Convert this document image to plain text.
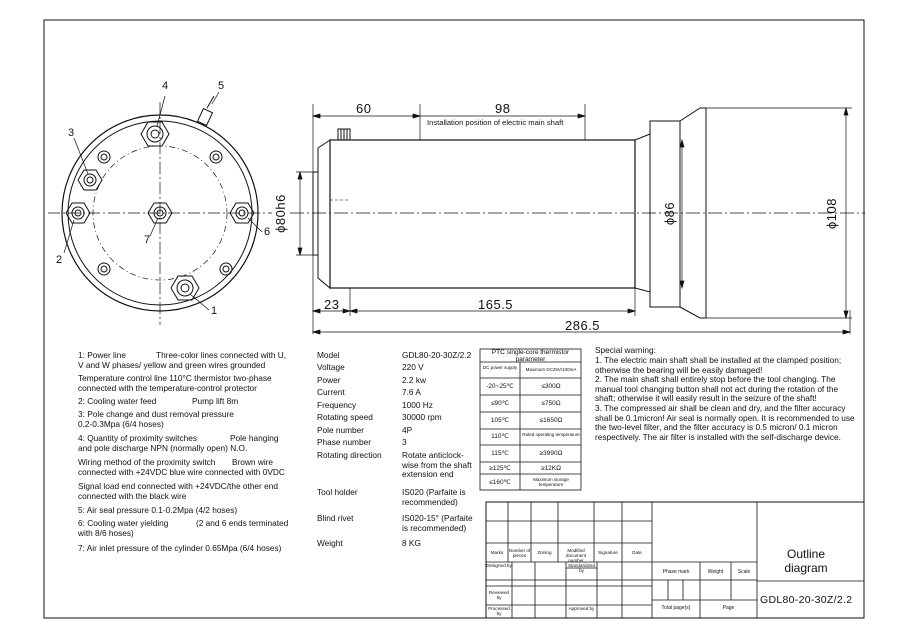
4
3
2
6
7
1
5
60	98
Installation position of electric main shaft
23	165.5
286.5
ϕ80h6	ϕ86	ϕ108
1: Power line	Three-color lines connected with U,
V and W phases/ yellow and green wires grounded
Temperature control line 110°C thermistor two-phase
connected with the temperature-control protector
2: Cooling water feed	Pump lift 8m
3: Pole change and dust removal pressure
0.2-0.3Mpa (6/4 hoses)
4: Quantity of proximity switches	Pole hanging
and pole discharge NPN (normally open) N.O.
Wiring method of the proximity switch Brown wire
connected with +24VDC blue wire connected with 0VDC
Signal load end connected with +24VDC/the other end
connected with the black wire
5: Air seal pressure 0.1-0.2Mpa (4/2 hoses)
6: Cooling water yielding	(2 and 6 ends terminated
with 8/6 hoses)
7: Air inlet pressure of the cylinder 0.65Mpa (6/4 hoses)
Model	GDL80-20-30Z/2.2
Voltage	220 V
Power	2.2 kw
Current	7.6 A
Frequency	1000 Hz
Rotating speed	30000 rpm
Pole number	4P
Phase number	3
Rotating direction Rotate anticlock-wise from the shaft extension end
Tool holder	IS020 (Parfaite is recommended)
Blind rivet	IS020-15° (Parfaite is recommended)
Weight	8 KG
PTC single-core thermistor parameter
DC power supply	Maximum DC25V/100mA
-20~25℃	≤300Ω
≤90℃	≤750Ω
105℃	≤1650Ω
110℃	Rated operating temperature
115℃	≥3990Ω
≥125℃	≥12KΩ
≤160℃	Maximum storage temperature
Special warning:
1. The electric main shaft shall be installed at the clamped position; otherwise the bearing will be easily damaged!
2. The main shaft shall entirely stop before the tool changing. The manual tool changing button shall not act during the rotation of the shaft; otherwise it will easily result in the seizure of the shaft!
3. The compressed air shall be clean and dry, and the filter accuracy shall be 0.1micron! Air seal is normally open. It is recommended to use the two-level filter, and the filter accuracy is 0.5 micron/ 0.1 micron respectively. The air filter is installed with the self-discharge device.
Marks	Number of pieces
Zoning	Modified document number
Signature	Date
Designed by	Standardized by
Reviewed by
Processed by
Approved by
Phase mark	Weight	Scale
Total page(s)	Page
Outline diagram
GDL80-20-30Z/2.2
